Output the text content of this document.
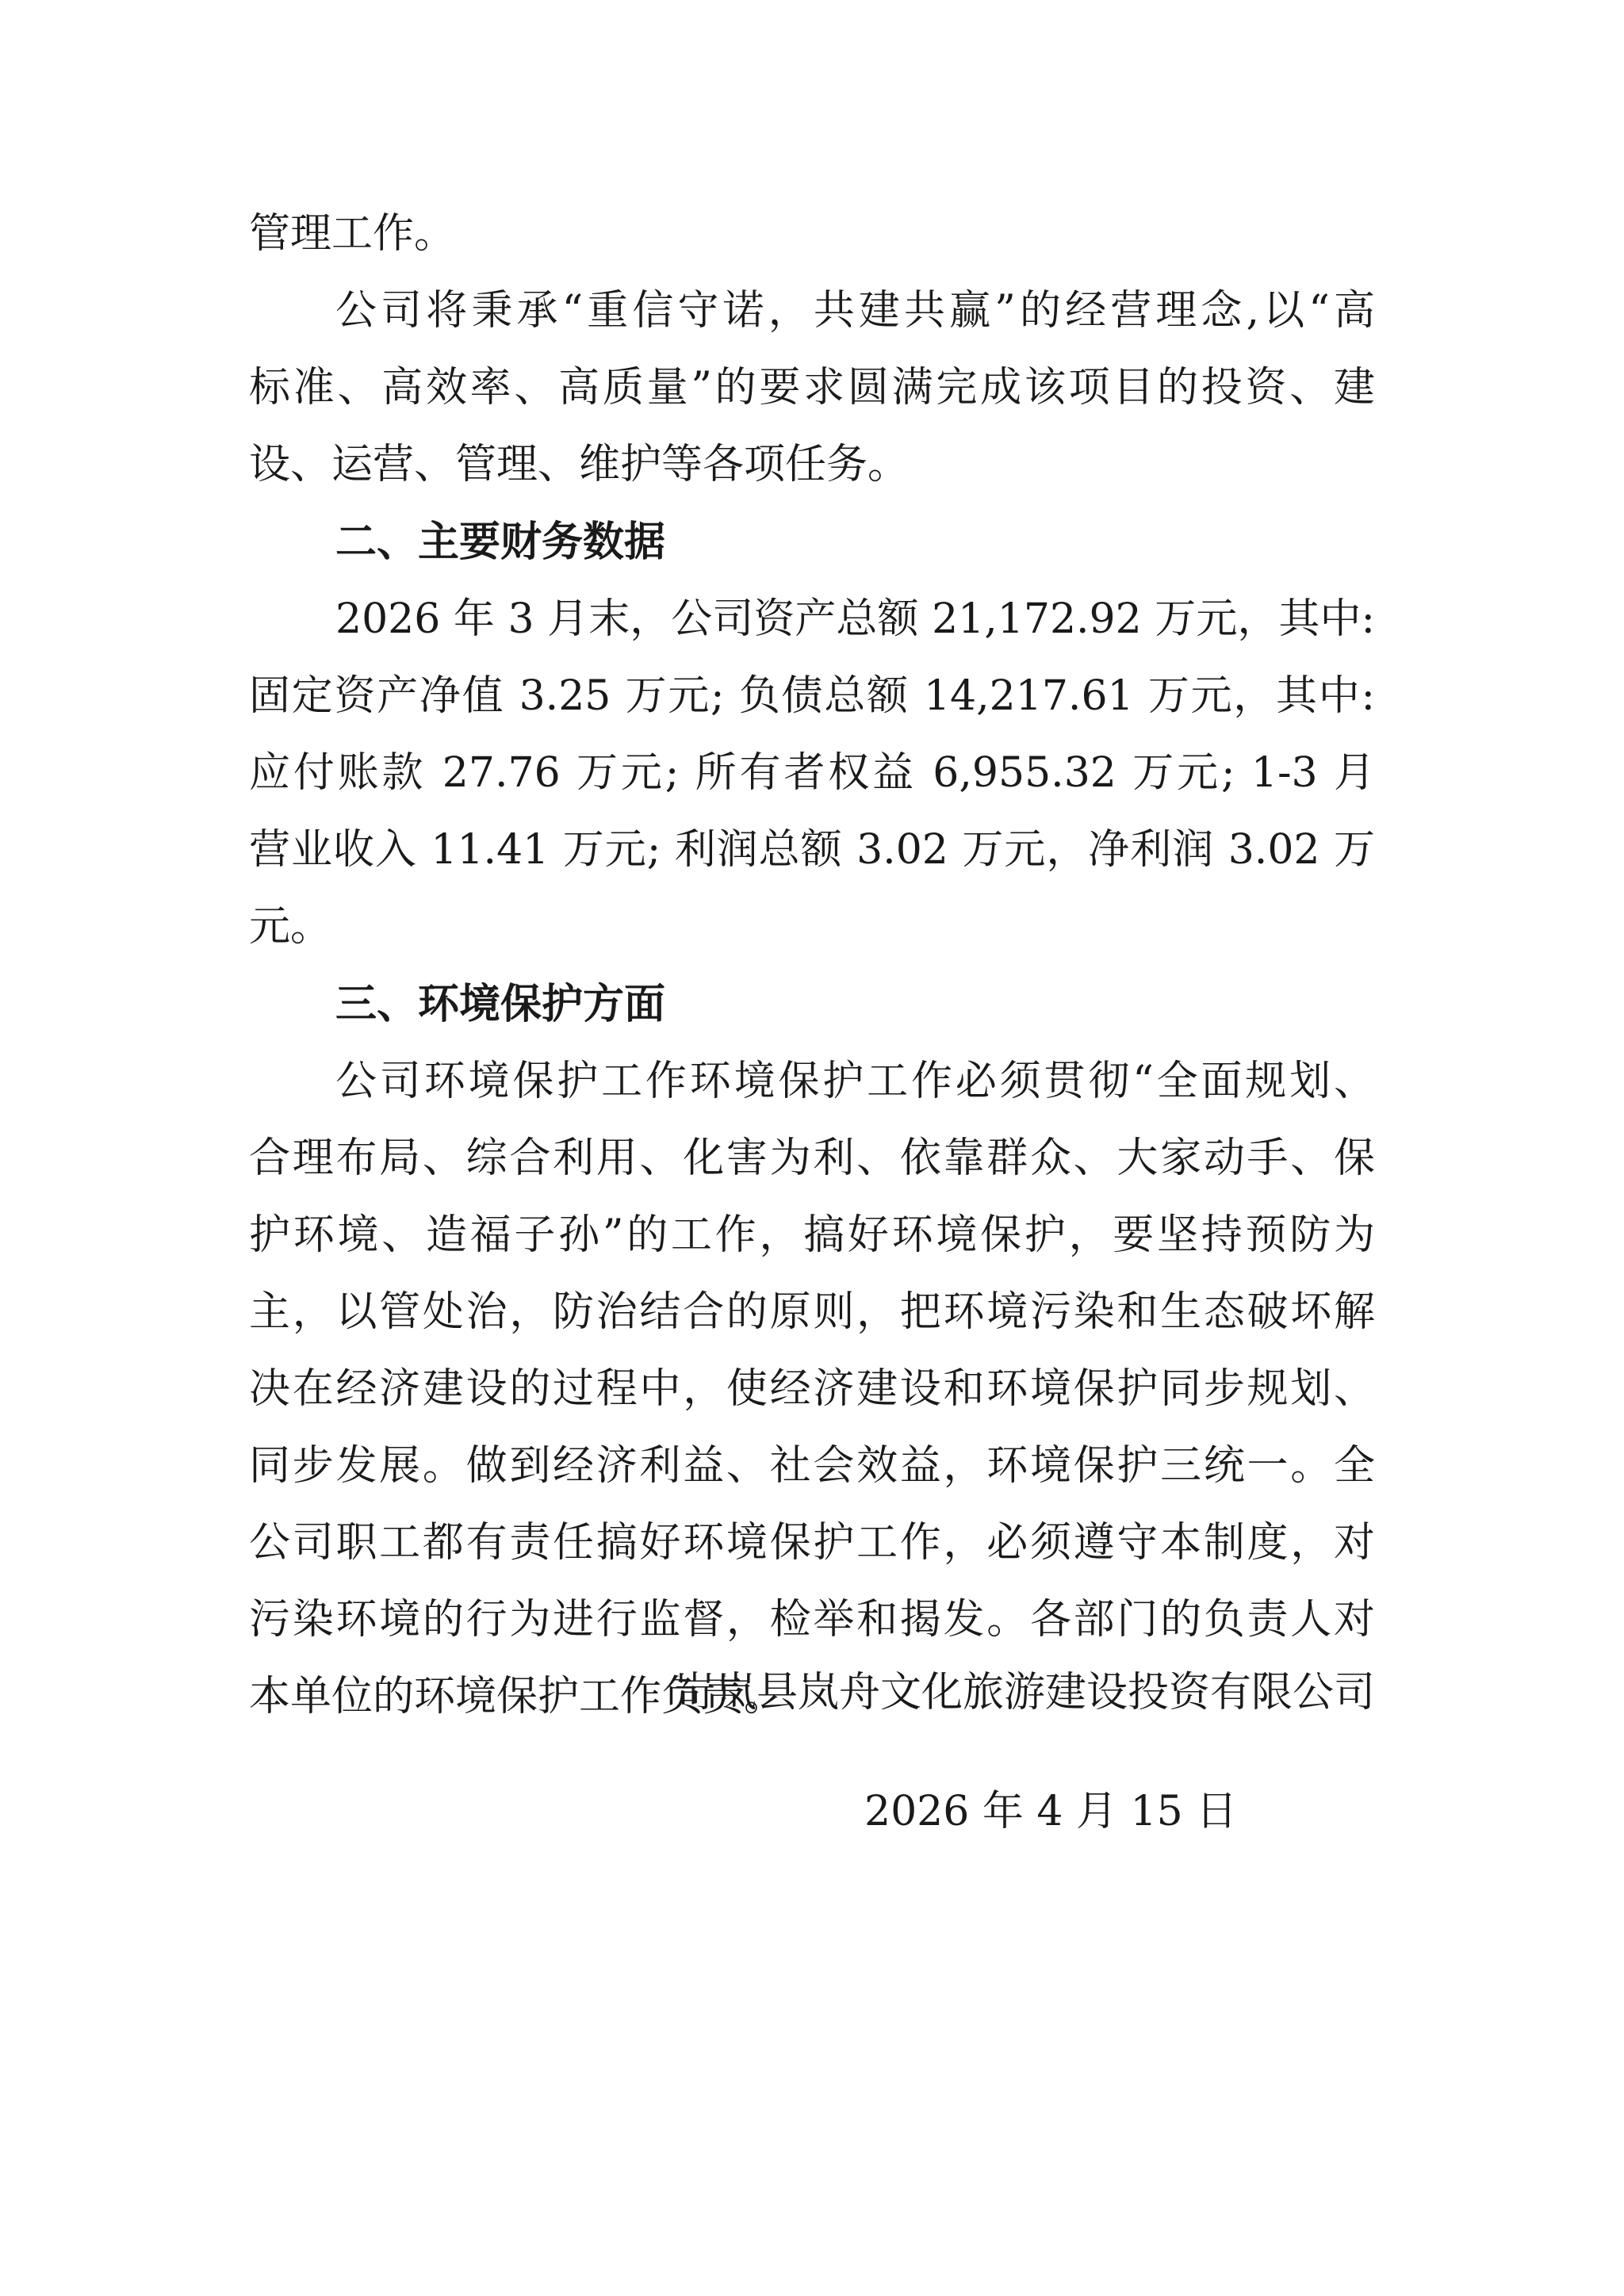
管理工作。
公司将秉承“重信守诺，共建共赢”的经营理念,以“高
标准、高效率、高质量”的要求圆满完成该项目的投资、建
设、运营、管理、维护等各项任务。
二、主要财务数据
2026 年 3 月末，公司资产总额 21,172.92 万元，其中:
固定资产净值 3.25 万元; 负债总额 14,217.61 万元，其中:
应付账款 27.76 万元; 所有者权益 6,955.32 万元; 1-3 月
营业收入 11.41 万元; 利润总额 3.02 万元，净利润 3.02 万
元。
三、环境保护方面
公司环境保护工作环境保护工作必须贯彻“全面规划、
合理布局、综合利用、化害为利、依靠群众、大家动手、保
护环境、造福子孙”的工作，搞好环境保护，要坚持预防为
主，以管处治，防治结合的原则，把环境污染和生态破坏解
决在经济建设的过程中，使经济建设和环境保护同步规划、
同步发展。做到经济利益、社会效益，环境保护三统一。全
公司职工都有责任搞好环境保护工作，必须遵守本制度，对
污染环境的行为进行监督，检举和揭发。各部门的负责人对
本单位的环境保护工作负责。
岢岚县岚舟文化旅游建设投资有限公司
2026 年 4 月 15 日
